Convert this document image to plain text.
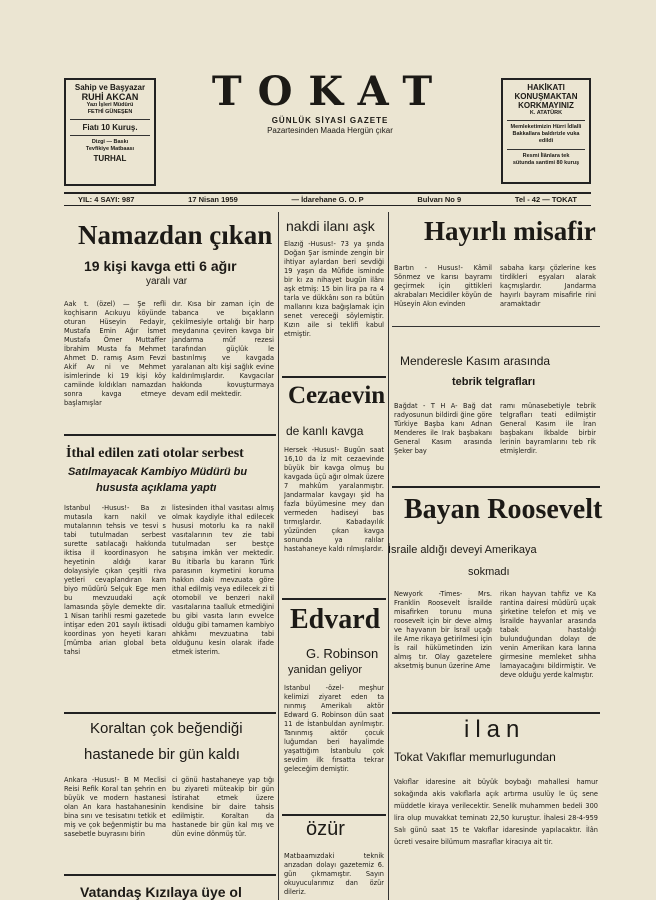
Sahip ve Başyazar
RUHİ AKCAN
Yazı İşleri Müdürü
FETHİ GÜNEŞEN
Fiatı 10 Kuruş.
Dizgi — Baskı
Tevfikiye Matbaası
TURHAL
TOKAT
GÜNLÜK SİYASİ GAZETE
Pazartesinden Maada Hergün çıkar
HAKİKATI
KONUŞMAKTAN
KORKMAYINIZ
K. ATATÜRK
Memleketimizin Hürri İdlalli
Bakkallara baldırizle vuka
edildi
Resmi İlânlara tek
sütunda santimi 80 kuruş
YIL: 4 SAYI: 987	17 Nisan 1959	— İdarehane G. O. P	Bulvarı No 9	Tel - 42 — TOKAT
Namazdan çıkan
19 kişi kavga etti 6 ağır
yaralı var
Aak t. (özel) — Şe refli koçhisarın Acıkuyu köyünde oturan Hüseyin Fedayir, Mustafa Emin Ağır İsmet Mustafa Ömer Muttaffer İbrahim Musta fa Mehmet Ahmet D. ramış Asım Fevzi Akif Av ni ve Mehmet isimlerinde ki 19 kişi köy camiinde kıldıkları namazdan sonra kavga etmeye başlamışlar
dır. Kısa bir zaman için de tabanca ve bıçakların çekilmesiyle ortalığı bir harp meydanına çeviren kavga bir jandarma müf rezesi tarafından güçlük le bastırılmış ve kavgada yaralanan altı kişi sağlık evine kaldırılmışlardır. Kavgacılar hakkında kovuşturmaya devam edil mektedir.
İthal edilen zati otolar serbest
Satılmayacak Kambiyo Müdürü bu
hususta açıklama yaptı
İstanbul -Husus!- Ba zı mutasıla karn nakil ve mutalarının tehsis ve tesvi s tabi tutulmadan serbest surette satılacağı hakkında iktisa il koordinasyon he heyetinin aldığı karar dolayısiyle çıkan çeşitli riva yetleri cevaplandıran kam biyo müdürü Selçuk Ege men bu mevzuudaki açık lamasında şöyle demekte dir. 1 Nisan tarihli resmi gazetede intişar eden 201 sayılı iktisadi koordinas yon heyeti kararı [mümba arian global beta tahsi
listesinden ithal vasıtası almış olmak kaydiyle ithal edilecek hususi motorlu ka ra nakil vasıtalarının tev zie tabi tutulmadan ser bestçe satışına imkân ver mektedir. Bu itibarla bu kararın Türk parasının kıymetini koruma hakkın daki mevzuata göre ithal edilmiş veya edilecek zi ti otomobil ve benzeri nakil vasıtalarına taalluk etmediğini bu gibi vasıta ların evvelce olduğu gibi tamamen kambiyo ahkâmı mevzuatına tabi olduğunu kesin olarak ifade etmek isterim.
Koraltan çok beğendiği
hastanede bir gün kaldı
Ankara -Husus!- B M Meclisi Reisi Refik Koral tan şehrin en büyük ve modern hastanesi olan An kara hastahanesinin bina sını ve tesisatını tetkik et miş ve çok beğenmiştir bu ma sasebetle buyrasını birin
ci gönü hastahaneye yap tığı bu ziyareti müteakip bir gün İstirahat etmek üzere kendisine bir daire tahsis edilmiştir. Koraltan da hastanede bir gün kal mış ve dün evine dönmüş tür.
Vatandaş Kızılaya üye ol
nakdi ilanı aşk
Elazığ -Husus!- 73 ya şında Doğan Şar isminde zengin bir ihtiyar aylardan beri sevdiği 19 yaşın da Müfide isminde bir kı za nihayet bugün ilânı aşk etmiş: 15 bin lira pa ra 4 tarla ve dükkânı son ra bütün mallarını kıza bağışlamak için senet vereceği söylemiştir. Kızın aile si teklifi kabul etmiştir.
Cezaevin
de kanlı kavga
Hersek -Husus!- Bugün saat 16,10 da İz mit cezaevinde büyük bir kavga olmuş bu kavgada üçü ağır olmak üzere 7 mahkûm yaralanmıştır. Jandarmalar kavgayı şid ha fazla büyümesine mey dan vermeden hadiseyi bas tırmışlardır. Kabadayılık yüzünden çıkan kavga sonunda ya ralılar hastahaneye kaldı rılmışlardır.
Edvard
G. Robinson
yanidan geliyor
İstanbul -özel- meşhur kelimizi ziyaret eden ta nınmış Amerikalı aktör Edward G. Robinson dün saat 11 de İstanbuldan ayrılmıştır. Tanınmış aktör çocuk luğumdan beri hayalimde yaşattığım İstanbulu çok sevdim ilk fırsatta tekrar geleceğim demiştir.
özür
Matbaamızdaki teknik arızadan dolayı gazetemiz 6. gün çıkmamıştır. Sayın okuyucularımız dan özür dileriz.
Hayırlı misafir
Bartın - Husus!- Kâmil Sönmez ve karısı bayramı geçirmek için gittikleri akrabaları Mecidiler köyün de Hüseyin Akın evinden
sabaha karşı çözlerine kes tirdikleri eşyaları alarak kaçmışlardır. Jandarma hayırlı bayram misafirle rini aramaktadır
Menderesle Kasım arasında
tebrik telgrafları
Bağdat - T H A- Bağ dat radyosunun bildirdi ğine göre Türkiye Başba kanı Adnan Menderes ile Irak başbakanı General Kasım arasında Şeker bay
ramı münasebetiyle tebrik telgrafları teati edilmiştir General Kasım ile İran başbakanı İkbalde birbir lerinin bayramlarını teb rik etmişlerdir.
Bayan Roosevelt
İsraile aldığı deveyi Amerikaya
sokmadı
Newyork -Times- Mrs. Franklin Roosevelt İsrailde misafirken torunu muna roosevelt için bir deve almış ve hayvanın bir İsrail uçağı ile Ame rikaya getirilmesi için İs rail hükümetinden izin almış tır. Olay gazetelere aksetmiş bunun üzerine Ame
rikan hayvan tahfiz ve Ka rantina dairesi müdürü uçak şirketine telefon et miş ve İsrailde hayvanlar arasında tabak hastalığı bulunduğundan dolayı de venin Amerikan kara larına girmesine memleket sıhha lamayacağını bildirmiştir. Ve deve olduğu yerde kalmıştır.
ilan
Tokat Vakıflar memurlugundan
Vakıflar idaresine ait büyük boybağı mahallesi hamur sokağında akis vakıflarla açık artırma usulüy le üç sene müddetle kiraya verilecektir. Senelik muhammen bedeli 300 lira olup muvakkat teminatı 22,50 kuruştur. İhalesi 28-4-959 Salı günü saat 15 te Vakıflar idaresinde yapılacaktır. İlân ücreti vesaire bilümum masraflar kiracıya ait tir.
